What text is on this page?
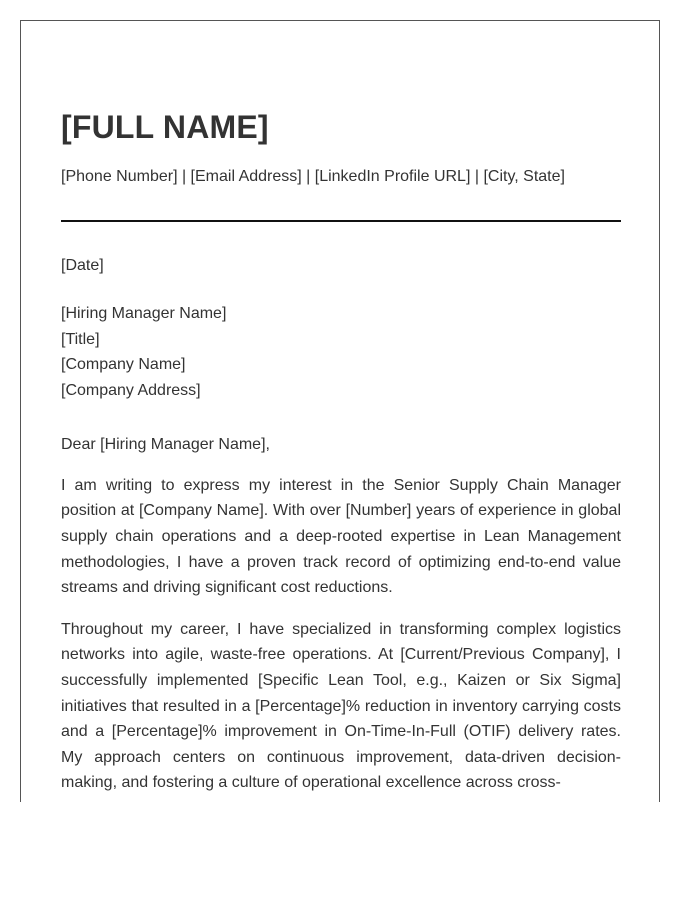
[FULL NAME]
[Phone Number] | [Email Address] | [LinkedIn Profile URL] | [City, State]
[Date]
[Hiring Manager Name]
[Title]
[Company Name]
[Company Address]
Dear [Hiring Manager Name],

I am writing to express my interest in the Senior Supply Chain Manager position at [Company Name]. With over [Number] years of experience in global supply chain operations and a deep-rooted expertise in Lean Management methodologies, I have a proven track record of optimizing end-to-end value streams and driving significant cost reductions.

Throughout my career, I have specialized in transforming complex logistics networks into agile, waste-free operations. At [Current/Previous Company], I successfully implemented [Specific Lean Tool, e.g., Kaizen or Six Sigma] initiatives that resulted in a [Percentage]% reduction in inventory carrying costs and a [Percentage]% improvement in On-Time-In-Full (OTIF) delivery rates. My approach centers on continuous improvement, data-driven decision-making, and fostering a culture of operational excellence across cross-
